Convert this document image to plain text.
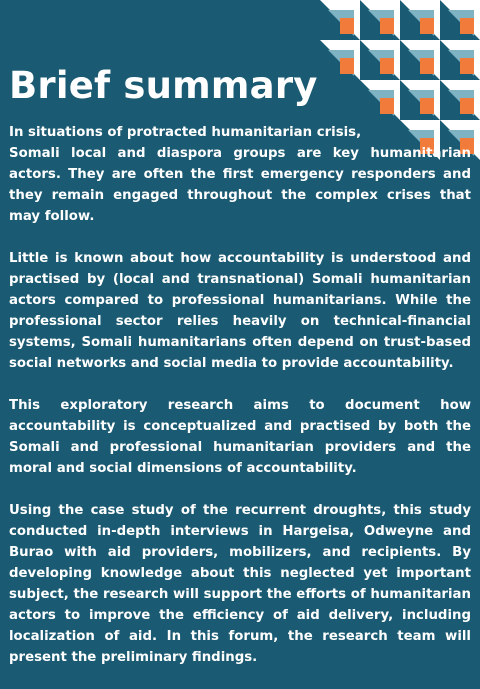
Brief summary

In situations of protracted humanitarian crisis,

Somali local and diaspora groups are key humanitarian actors. They are often the first emergency responders and they remain engaged throughout the complex crises that may follow.

Little is known about how accountability is understood and practised by (local and transnational) Somali humanitarian actors compared to professional humanitarians. While the professional sector relies heavily on technical-financial systems, Somali humanitarians often depend on trust-based social networks and social media to provide accountability.

This exploratory research aims to document how accountability is conceptualized and practised by both the Somali and professional humanitarian providers and the moral and social dimensions of accountability.

Using the case study of the recurrent droughts, this study conducted in-depth interviews in Hargeisa, Odweyne and Burao with aid providers, mobilizers, and recipients. By developing knowledge about this neglected yet important subject, the research will support the efforts of humanitarian actors to improve the efficiency of aid delivery, including localization of aid. In this forum, the research team will present the preliminary findings.
